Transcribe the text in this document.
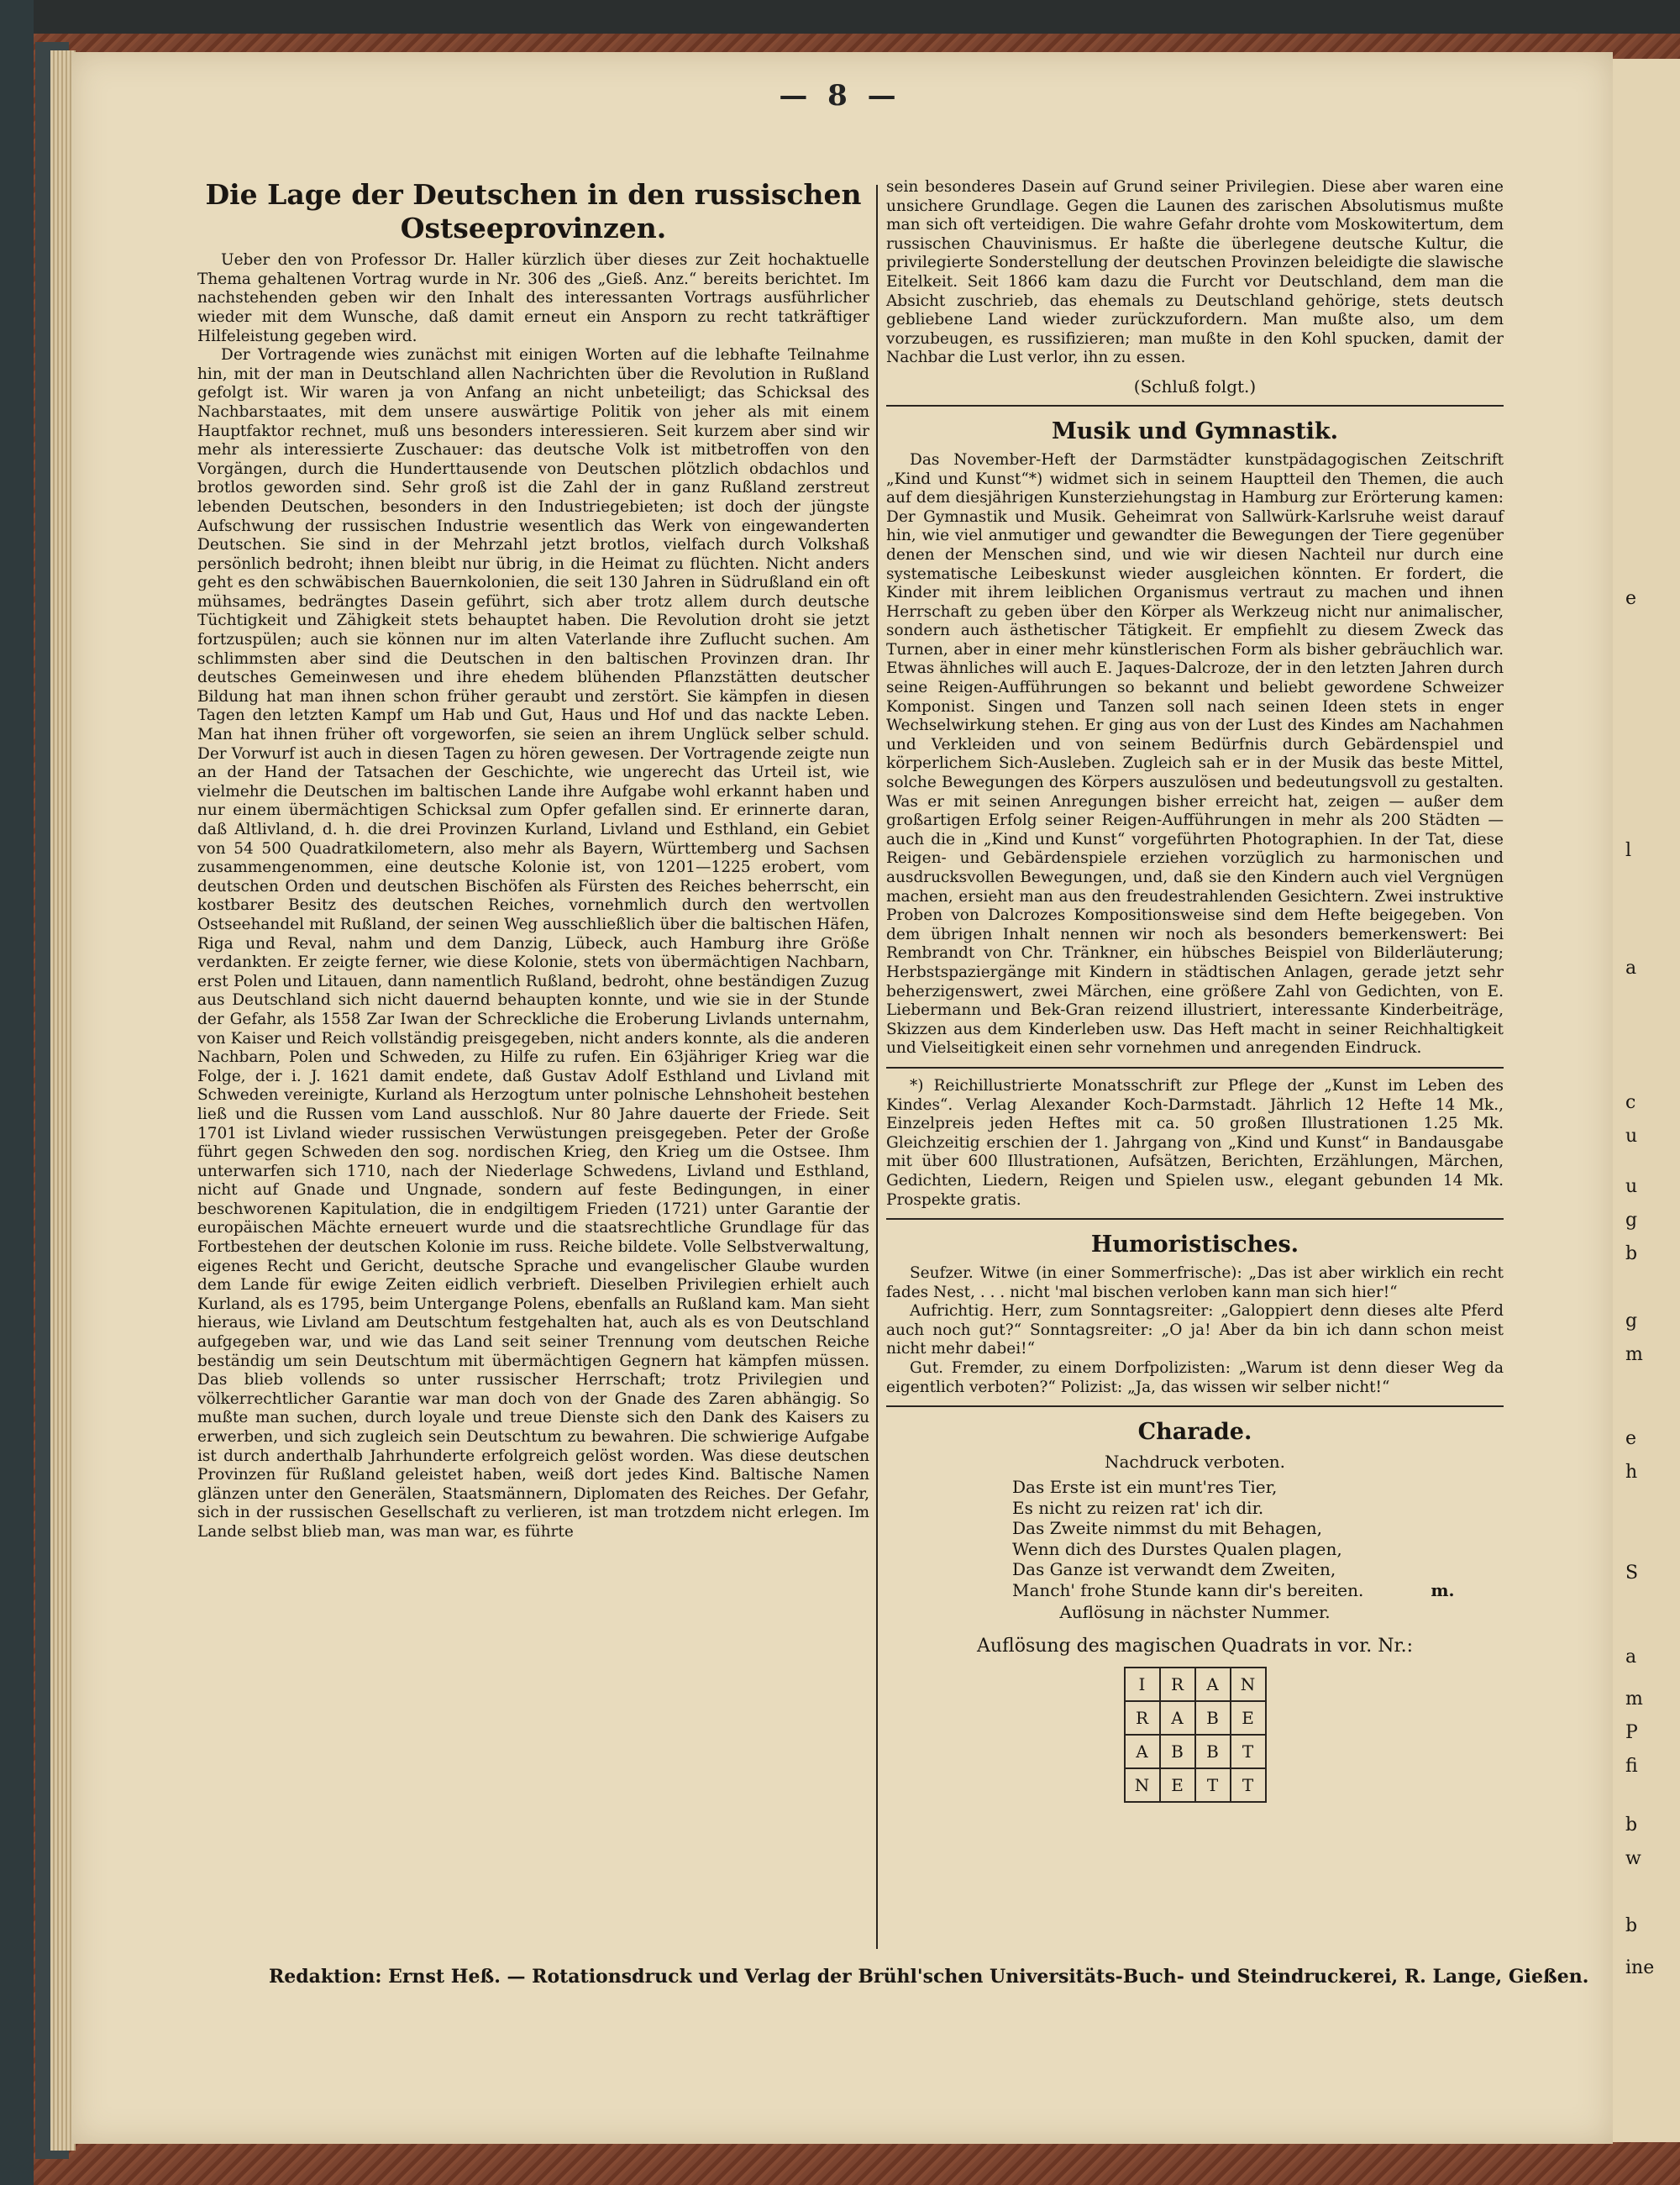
— 8 —
Die Lage der Deutschen in den russischen Ostseeprovinzen.

Ueber den von Professor Dr. Haller kürzlich über dieses zur Zeit hochaktuelle Thema gehaltenen Vortrag wurde in Nr. 306 des „Gieß. Anz.“ bereits berichtet. Im nachstehenden geben wir den Inhalt des interessanten Vortrags ausführlicher wieder mit dem Wunsche, daß damit erneut ein Ansporn zu recht tatkräftiger Hilfeleistung gegeben wird.

Der Vortragende wies zunächst mit einigen Worten auf die lebhafte Teilnahme hin, mit der man in Deutschland allen Nachrichten über die Revolution in Rußland gefolgt ist. Wir waren ja von Anfang an nicht unbeteiligt; das Schicksal des Nachbarstaates, mit dem unsere auswärtige Politik von jeher als mit einem Hauptfaktor rechnet, muß uns besonders interessieren. Seit kurzem aber sind wir mehr als interessierte Zuschauer: das deutsche Volk ist mitbetroffen von den Vorgängen, durch die Hunderttausende von Deutschen plötzlich obdachlos und brotlos geworden sind. Sehr groß ist die Zahl der in ganz Rußland zerstreut lebenden Deutschen, besonders in den Industriegebieten; ist doch der jüngste Aufschwung der russischen Industrie wesentlich das Werk von eingewanderten Deutschen. Sie sind in der Mehrzahl jetzt brotlos, vielfach durch Volkshaß persönlich bedroht; ihnen bleibt nur übrig, in die Heimat zu flüchten. Nicht anders geht es den schwäbischen Bauernkolonien, die seit 130 Jahren in Südrußland ein oft mühsames, bedrängtes Dasein geführt, sich aber trotz allem durch deutsche Tüchtigkeit und Zähigkeit stets behauptet haben. Die Revolution droht sie jetzt fortzuspülen; auch sie können nur im alten Vaterlande ihre Zuflucht suchen. Am schlimmsten aber sind die Deutschen in den baltischen Provinzen dran. Ihr deutsches Gemeinwesen und ihre ehedem blühenden Pflanzstätten deutscher Bildung hat man ihnen schon früher geraubt und zerstört. Sie kämpfen in diesen Tagen den letzten Kampf um Hab und Gut, Haus und Hof und das nackte Leben. Man hat ihnen früher oft vorgeworfen, sie seien an ihrem Unglück selber schuld. Der Vorwurf ist auch in diesen Tagen zu hören gewesen. Der Vortragende zeigte nun an der Hand der Tatsachen der Geschichte, wie ungerecht das Urteil ist, wie vielmehr die Deutschen im baltischen Lande ihre Aufgabe wohl erkannt haben und nur einem übermächtigen Schicksal zum Opfer gefallen sind. Er erinnerte daran, daß Altlivland, d. h. die drei Provinzen Kurland, Livland und Esthland, ein Gebiet von 54 500 Quadratkilometern, also mehr als Bayern, Württemberg und Sachsen zusammengenommen, eine deutsche Kolonie ist, von 1201—1225 erobert, vom deutschen Orden und deutschen Bischöfen als Fürsten des Reiches beherrscht, ein kostbarer Besitz des deutschen Reiches, vornehmlich durch den wertvollen Ostseehandel mit Rußland, der seinen Weg ausschließlich über die baltischen Häfen, Riga und Reval, nahm und dem Danzig, Lübeck, auch Hamburg ihre Größe verdankten. Er zeigte ferner, wie diese Kolonie, stets von übermächtigen Nachbarn, erst Polen und Litauen, dann namentlich Rußland, bedroht, ohne beständigen Zuzug aus Deutschland sich nicht dauernd behaupten konnte, und wie sie in der Stunde der Gefahr, als 1558 Zar Iwan der Schreckliche die Eroberung Livlands unternahm, von Kaiser und Reich vollständig preisgegeben, nicht anders konnte, als die anderen Nachbarn, Polen und Schweden, zu Hilfe zu rufen. Ein 63jähriger Krieg war die Folge, der i. J. 1621 damit endete, daß Gustav Adolf Esthland und Livland mit Schweden vereinigte, Kurland als Herzogtum unter polnische Lehnshoheit bestehen ließ und die Russen vom Land ausschloß. Nur 80 Jahre dauerte der Friede. Seit 1701 ist Livland wieder russischen Verwüstungen preisgegeben. Peter der Große führt gegen Schweden den sog. nordischen Krieg, den Krieg um die Ostsee. Ihm unterwarfen sich 1710, nach der Niederlage Schwedens, Livland und Esthland, nicht auf Gnade und Ungnade, sondern auf feste Bedingungen, in einer beschworenen Kapitulation, die in endgiltigem Frieden (1721) unter Garantie der europäischen Mächte erneuert wurde und die staatsrechtliche Grundlage für das Fortbestehen der deutschen Kolonie im russ. Reiche bildete. Volle Selbstverwaltung, eigenes Recht und Gericht, deutsche Sprache und evangelischer Glaube wurden dem Lande für ewige Zeiten eidlich verbrieft. Dieselben Privilegien erhielt auch Kurland, als es 1795, beim Untergange Polens, ebenfalls an Rußland kam. Man sieht hieraus, wie Livland am Deutschtum festgehalten hat, auch als es von Deutschland aufgegeben war, und wie das Land seit seiner Trennung vom deutschen Reiche beständig um sein Deutschtum mit übermächtigen Gegnern hat kämpfen müssen. Das blieb vollends so unter russischer Herrschaft; trotz Privilegien und völkerrechtlicher Garantie war man doch von der Gnade des Zaren abhängig. So mußte man suchen, durch loyale und treue Dienste sich den Dank des Kaisers zu erwerben, und sich zugleich sein Deutschtum zu bewahren. Die schwierige Aufgabe ist durch anderthalb Jahrhunderte erfolgreich gelöst worden. Was diese deutschen Provinzen für Rußland geleistet haben, weiß dort jedes Kind. Baltische Namen glänzen unter den Generälen, Staatsmännern, Diplomaten des Reiches. Der Gefahr, sich in der russischen Gesellschaft zu verlieren, ist man trotzdem nicht erlegen. Im Lande selbst blieb man, was man war, es führte

sein besonderes Dasein auf Grund seiner Privilegien. Diese aber waren eine unsichere Grundlage. Gegen die Launen des zarischen Absolutismus mußte man sich oft verteidigen. Die wahre Gefahr drohte vom Moskowitertum, dem russischen Chauvinismus. Er haßte die überlegene deutsche Kultur, die privilegierte Sonderstellung der deutschen Provinzen beleidigte die slawische Eitelkeit. Seit 1866 kam dazu die Furcht vor Deutschland, dem man die Absicht zuschrieb, das ehemals zu Deutschland gehörige, stets deutsch gebliebene Land wieder zurückzufordern. Man mußte also, um dem vorzubeugen, es russifizieren; man mußte in den Kohl spucken, damit der Nachbar die Lust verlor, ihn zu essen.

(Schluß folgt.)
Musik und Gymnastik.

Das November-Heft der Darmstädter kunstpädagogischen Zeitschrift „Kind und Kunst“*) widmet sich in seinem Hauptteil den Themen, die auch auf dem diesjährigen Kunsterziehungstag in Hamburg zur Erörterung kamen: Der Gymnastik und Musik. Geheimrat von Sallwürk-Karlsruhe weist darauf hin, wie viel anmutiger und gewandter die Bewegungen der Tiere gegenüber denen der Menschen sind, und wie wir diesen Nachteil nur durch eine systematische Leibeskunst wieder ausgleichen könnten. Er fordert, die Kinder mit ihrem leiblichen Organismus vertraut zu machen und ihnen Herrschaft zu geben über den Körper als Werkzeug nicht nur animalischer, sondern auch ästhetischer Tätigkeit. Er empfiehlt zu diesem Zweck das Turnen, aber in einer mehr künstlerischen Form als bisher gebräuchlich war. Etwas ähnliches will auch E. Jaques-Dalcroze, der in den letzten Jahren durch seine Reigen-Aufführungen so bekannt und beliebt gewordene Schweizer Komponist. Singen und Tanzen soll nach seinen Ideen stets in enger Wechselwirkung stehen. Er ging aus von der Lust des Kindes am Nachahmen und Verkleiden und von seinem Bedürfnis durch Gebärdenspiel und körperlichem Sich-Ausleben. Zugleich sah er in der Musik das beste Mittel, solche Bewegungen des Körpers auszulösen und bedeutungsvoll zu gestalten. Was er mit seinen Anregungen bisher erreicht hat, zeigen — außer dem großartigen Erfolg seiner Reigen-Aufführungen in mehr als 200 Städten — auch die in „Kind und Kunst“ vorgeführten Photographien. In der Tat, diese Reigen- und Gebärdenspiele erziehen vorzüglich zu harmonischen und ausdrucksvollen Bewegungen, und, daß sie den Kindern auch viel Vergnügen machen, ersieht man aus den freudestrahlenden Gesichtern. Zwei instruktive Proben von Dalcrozes Kompositionsweise sind dem Hefte beigegeben. Von dem übrigen Inhalt nennen wir noch als besonders bemerkenswert: Bei Rembrandt von Chr. Tränkner, ein hübsches Beispiel von Bilderläuterung; Herbstspaziergänge mit Kindern in städtischen Anlagen, gerade jetzt sehr beherzigenswert, zwei Märchen, eine größere Zahl von Gedichten, von E. Liebermann und Bek-Gran reizend illustriert, interessante Kinderbeiträge, Skizzen aus dem Kinderleben usw. Das Heft macht in seiner Reichhaltigkeit und Vielseitigkeit einen sehr vornehmen und anregenden Eindruck.

*) Reichillustrierte Monatsschrift zur Pflege der „Kunst im Leben des Kindes“. Verlag Alexander Koch-Darmstadt. Jährlich 12 Hefte 14 Mk., Einzelpreis jeden Heftes mit ca. 50 großen Illustrationen 1.25 Mk. Gleichzeitig erschien der 1. Jahrgang von „Kind und Kunst“ in Bandausgabe mit über 600 Illustrationen, Aufsätzen, Berichten, Erzählungen, Märchen, Gedichten, Liedern, Reigen und Spielen usw., elegant gebunden 14 Mk. Prospekte gratis.

Humoristisches.

Seufzer. Witwe (in einer Sommerfrische): „Das ist aber wirklich ein recht fades Nest, . . . nicht 'mal bischen verloben kann man sich hier!“

Aufrichtig. Herr, zum Sonntagsreiter: „Galoppiert denn dieses alte Pferd auch noch gut?“ Sonntagsreiter: „O ja! Aber da bin ich dann schon meist nicht mehr dabei!“

Gut. Fremder, zu einem Dorfpolizisten: „Warum ist denn dieser Weg da eigentlich verboten?“ Polizist: „Ja, das wissen wir selber nicht!“

Charade.
Nachdruck verboten.
Das Erste ist ein munt'res Tier,
Es nicht zu reizen rat' ich dir.
Das Zweite nimmst du mit Behagen,
Wenn dich des Durstes Qualen plagen,
Das Ganze ist verwandt dem Zweiten,
Manch' frohe Stunde kann dir's bereiten.	m.
Auflösung in nächster Nummer.
Auflösung des magischen Quadrats in vor. Nr.:
I	R	A	N
R	A	B	E
A	B	B	T
N	E	T	T
Redaktion: Ernst Heß. — Rotationsdruck und Verlag der Brühl'schen Universitäts-Buch- und Steindruckerei, R. Lange, Gießen.
e
l
a
c
u
u
g
b
g
m
e
h
S
a
m
P
fi
b
w
b
ine
